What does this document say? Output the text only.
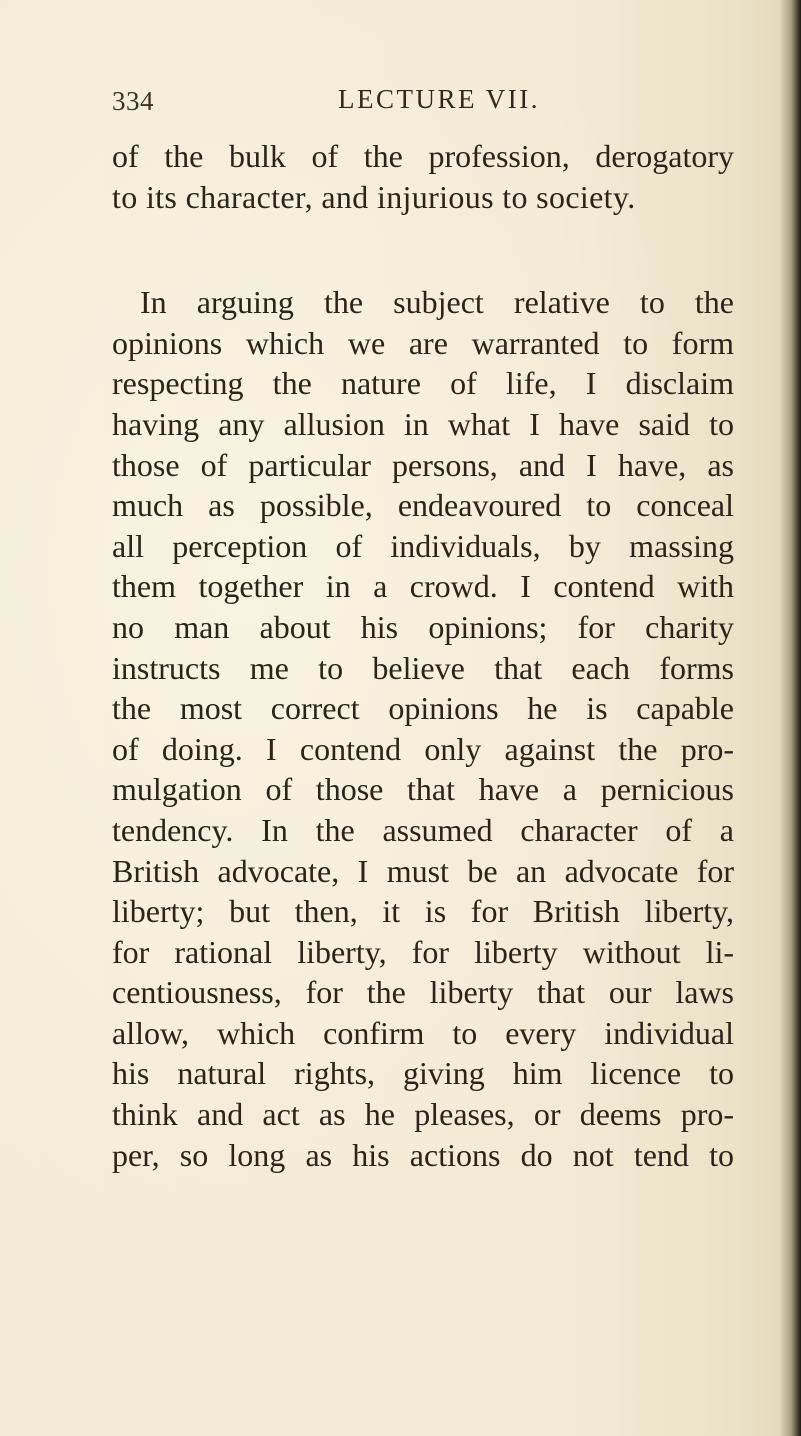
334	LECTURE VII.
of the bulk of the profession, derogatory
to its character, and injurious to society.
In arguing the subject relative to the
opinions which we are warranted to form
respecting the nature of life, I disclaim
having any allusion in what I have said to
those of particular persons, and I have, as
much as possible, endeavoured to conceal
all perception of individuals, by massing
them together in a crowd. I contend with
no man about his opinions; for charity
instructs me to believe that each forms
the most correct opinions he is capable
of doing. I contend only against the pro-
mulgation of those that have a pernicious
tendency. In the assumed character of a
British advocate, I must be an advocate for
liberty; but then, it is for British liberty,
for rational liberty, for liberty without li-
centiousness, for the liberty that our laws
allow, which confirm to every individual
his natural rights, giving him licence to
think and act as he pleases, or deems pro-
per, so long as his actions do not tend to
